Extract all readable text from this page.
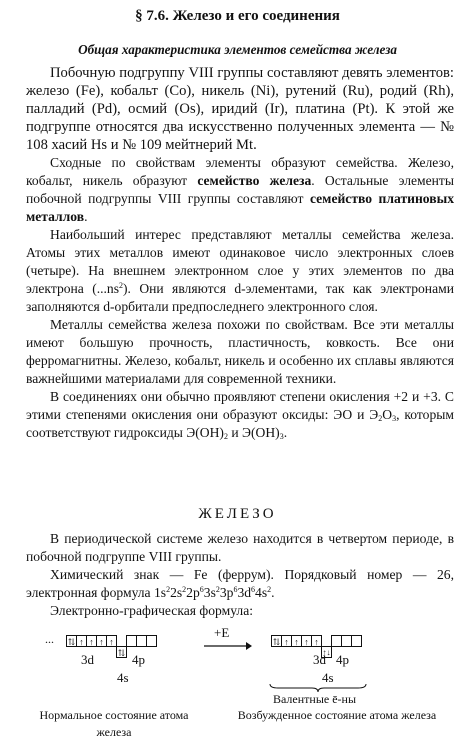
§ 7.6. Железо и его соединения
Общая характеристика элементов семейства железа

Побочную подгруппу VIII группы составляют девять элементов: железо (Fe), кобальт (Co), никель (Ni), рутений (Ru), родий (Rh), палладий (Pd), осмий (Os), иридий (Ir), платина (Pt). К этой же подгруппе относятся два искусственно полученных элемента — № 108 хасий Hs и № 109 мейтнерий Mt.

Сходные по свойствам элементы образуют семейства. Железо, кобальт, никель образуют семейство железа. Остальные элементы побочной подгруппы VIII группы составляют семейство платиновых металлов.

Наибольший интерес представляют металлы семейства железа. Атомы этих металлов имеют одинаковое число электронных слоев (четыре). На внешнем электронном слое у этих элементов по два электрона $(...ns^2)$. Они являются d-элементами, так как электронами заполняются d-орбитали предпоследнего электронного слоя.

Металлы семейства железа похожи по свойствам. Все эти металлы имеют большую прочность, пластичность, ковкость. Все они ферромагнитны. Железо, кобальт, никель и особенно их сплавы являются важнейшими материалами для современной техники.

В соединениях они обычно проявляют степени окисления +2 и +3. С этими степенями окисления они образуют оксиды: ЭО и $Э_2O_3$, которым соответствуют гидроксиды $Э(ОН)_2$ и $Э(ОН)_3$.

ЖЕЛЕЗО

В периодической системе железо находится в четвертом периоде, в побочной подгруппе VIII группы.

Химический знак — Fe (феррум). Порядковый номер — 26, электронная формула $1s^22s^22p^63s^23p^63d^64s^2$.

Электронно-графическая формула:

... ⇅ ↑ ↑ ↑ ↑
⇅
3d	4p
4s
+E
⇅ ↑ ↑ ↑ ↑
↑↓
3d 4p
4s
Валентные ē-ны
Нормальное состояние атома железа
Возбужденное состояние атома железа
